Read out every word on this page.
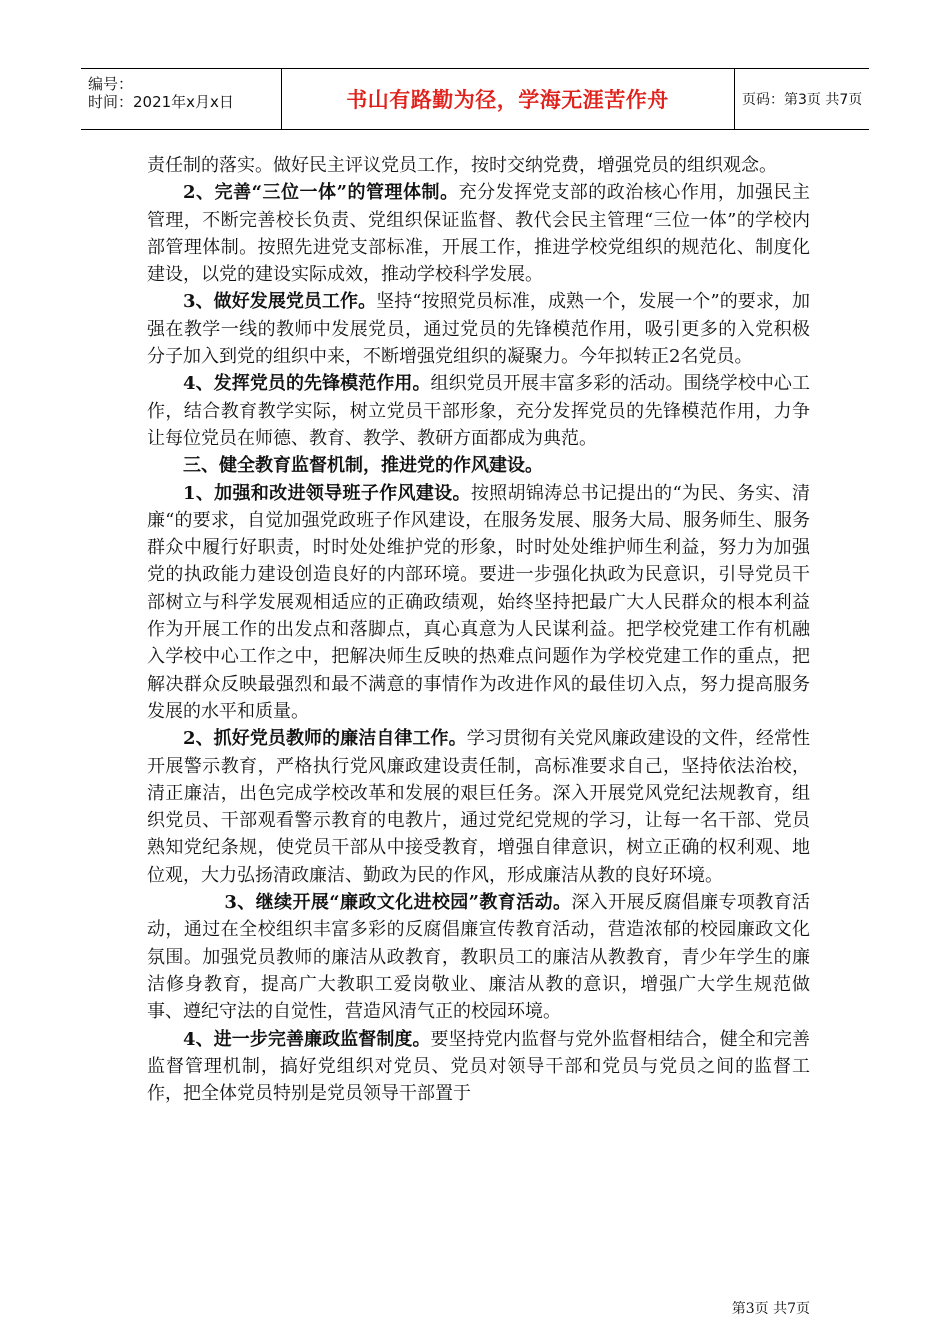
编号：
时间：2021年x月x日	书山有路勤为径，学海无涯苦作舟	页码：第3页 共7页

责任制的落实。做好民主评议党员工作，按时交纳党费，增强党员的组织观念。

2、完善“三位一体”的管理体制。充分发挥党支部的政治核心作用，加强民主管理，不断完善校长负责、党组织保证监督、教代会民主管理“三位一体”的学校内部管理体制。按照先进党支部标准，开展工作，推进学校党组织的规范化、制度化建设，以党的建设实际成效，推动学校科学发展。

3、做好发展党员工作。坚持“按照党员标准，成熟一个，发展一个”的要求，加强在教学一线的教师中发展党员，通过党员的先锋模范作用，吸引更多的入党积极分子加入到党的组织中来，不断增强党组织的凝聚力。今年拟转正2名党员。

4、发挥党员的先锋模范作用。组织党员开展丰富多彩的活动。围绕学校中心工作，结合教育教学实际，树立党员干部形象，充分发挥党员的先锋模范作用，力争让每位党员在师德、教育、教学、教研方面都成为典范。

三、健全教育监督机制，推进党的作风建设。

1、加强和改进领导班子作风建设。按照胡锦涛总书记提出的“为民、务实、清廉“的要求，自觉加强党政班子作风建设，在服务发展、服务大局、服务师生、服务群众中履行好职责，时时处处维护党的形象，时时处处维护师生利益，努力为加强党的执政能力建设创造良好的内部环境。要进一步强化执政为民意识，引导党员干部树立与科学发展观相适应的正确政绩观，始终坚持把最广大人民群众的根本利益作为开展工作的出发点和落脚点，真心真意为人民谋利益。把学校党建工作有机融入学校中心工作之中，把解决师生反映的热难点问题作为学校党建工作的重点，把解决群众反映最强烈和最不满意的事情作为改进作风的最佳切入点，努力提高服务发展的水平和质量。

2、抓好党员教师的廉洁自律工作。学习贯彻有关党风廉政建设的文件，经常性开展警示教育，严格执行党风廉政建设责任制，高标准要求自己，坚持依法治校，清正廉洁，出色完成学校改革和发展的艰巨任务。深入开展党风党纪法规教育，组织党员、干部观看警示教育的电教片，通过党纪党规的学习，让每一名干部、党员熟知党纪条规，使党员干部从中接受教育，增强自律意识，树立正确的权利观、地位观，大力弘扬清政廉洁、勤政为民的作风，形成廉洁从教的良好环境。

3、继续开展“廉政文化进校园”教育活动。深入开展反腐倡廉专项教育活动，通过在全校组织丰富多彩的反腐倡廉宣传教育活动，营造浓郁的校园廉政文化氛围。加强党员教师的廉洁从政教育，教职员工的廉洁从教教育，青少年学生的廉洁修身教育，提高广大教职工爱岗敬业、廉洁从教的意识，增强广大学生规范做事、遵纪守法的自觉性，营造风清气正的校园环境。

4、进一步完善廉政监督制度。要坚持党内监督与党外监督相结合，健全和完善监督管理机制，搞好党组织对党员、党员对领导干部和党员与党员之间的监督工作，把全体党员特别是党员领导干部置于

第3页 共7页
